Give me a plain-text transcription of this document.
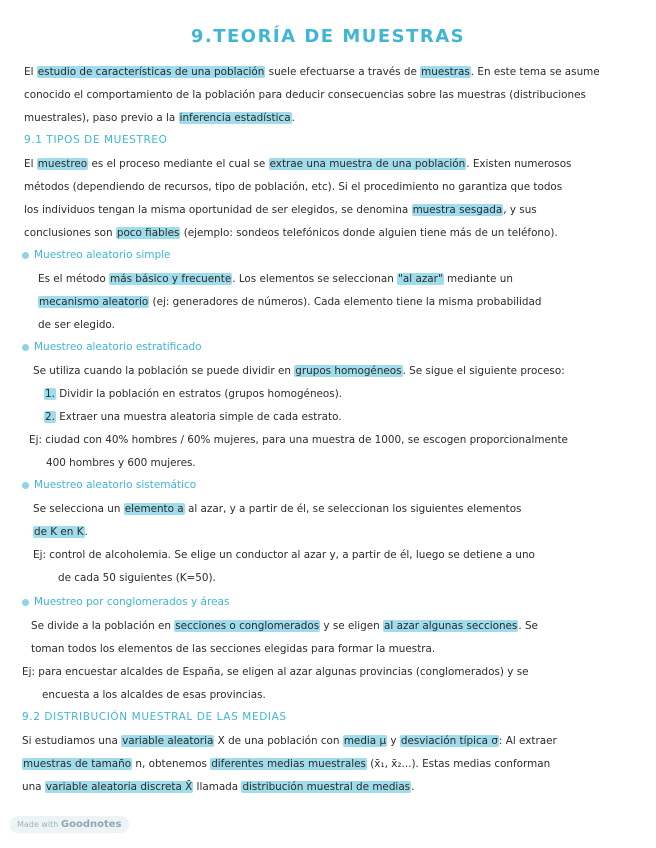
9.TEORÍA DE MUESTRAS
El estudio de características de una población suele efectuarse a través de muestras. En este tema se asume
conocido el comportamiento de la población para deducir consecuencias sobre las muestras (distribuciones
muestrales), paso previo a la inferencia estadística.
9.1 TIPOS DE MUESTREO
El muestreo es el proceso mediante el cual se extrae una muestra de una población. Existen numerosos
métodos (dependiendo de recursos, tipo de población, etc). Si el procedimiento no garantiza que todos
los individuos tengan la misma oportunidad de ser elegidos, se denomina muestra sesgada, y sus
conclusiones son poco fiables (ejemplo: sondeos telefónicos donde alguien tiene más de un teléfono).
Muestreo aleatorio simple
Es el método más básico y frecuente. Los elementos se seleccionan "al azar" mediante un
mecanismo aleatorio (ej: generadores de números). Cada elemento tiene la misma probabilidad
de ser elegido.
Muestreo aleatorio estratificado
Se utiliza cuando la población se puede dividir en grupos homogéneos. Se sigue el siguiente proceso:
1. Dividir la población en estratos (grupos homogéneos).
2. Extraer una muestra aleatoria simple de cada estrato.
Ej: ciudad con 40% hombres / 60% mujeres, para una muestra de 1000, se escogen proporcionalmente
400 hombres y 600 mujeres.
Muestreo aleatorio sistemático
Se selecciona un elemento a al azar, y a partir de él, se seleccionan los siguientes elementos
de K en K.
Ej: control de alcoholemia. Se elige un conductor al azar y, a partir de él, luego se detiene a uno
de cada 50 siguientes (K=50).
Muestreo por conglomerados y áreas
Se divide a la población en secciones o conglomerados y se eligen al azar algunas secciones. Se
toman todos los elementos de las secciones elegidas para formar la muestra.
Ej: para encuestar alcaldes de España, se eligen al azar algunas provincias (conglomerados) y se
encuesta a los alcaldes de esas provincias.
9.2 DISTRIBUCIÓN MUESTRAL DE LAS MEDIAS
Si estudiamos una variable aleatoria X de una población con media μ y desviación típica σ: Al extraer
muestras de tamaño n, obtenemos diferentes medias muestrales (x̄₁, x̄₂...). Estas medias conforman
una variable aleatoria discreta X̄ llamada distribución muestral de medias.
Made with Goodnotes
